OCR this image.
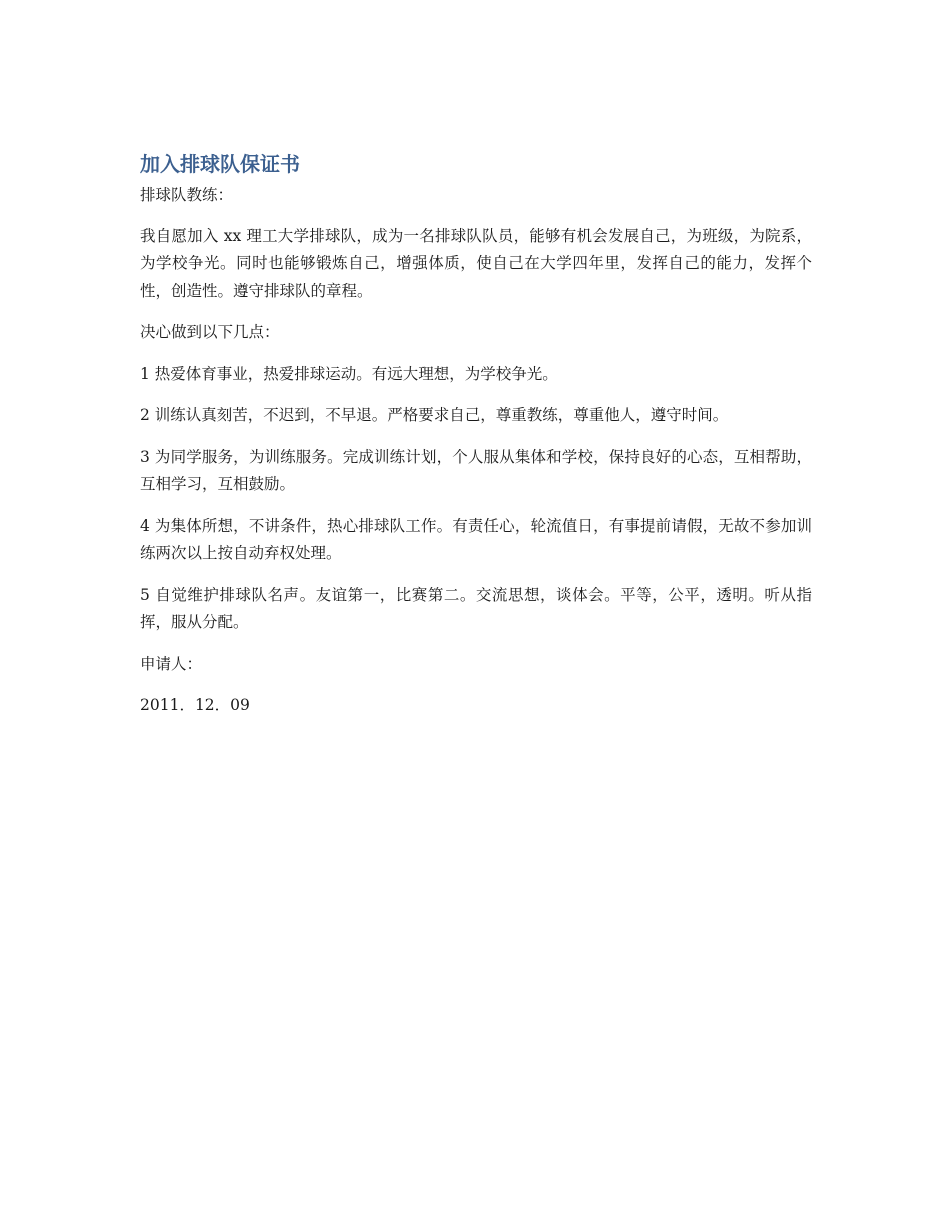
加入排球队保证书

排球队教练：

我自愿加入 xx 理工大学排球队，成为一名排球队队员，能够有机会发展自己，为班级，为院系，为学校争光。同时也能够锻炼自己，增强体质，使自己在大学四年里，发挥自己的能力，发挥个性，创造性。遵守排球队的章程。

决心做到以下几点：

1 热爱体育事业，热爱排球运动。有远大理想，为学校争光。

2 训练认真刻苦，不迟到，不早退。严格要求自己，尊重教练，尊重他人，遵守时间。

3 为同学服务，为训练服务。完成训练计划，个人服从集体和学校，保持良好的心态，互相帮助，互相学习，互相鼓励。

4 为集体所想，不讲条件，热心排球队工作。有责任心，轮流值日，有事提前请假，无故不参加训练两次以上按自动弃权处理。

5 自觉维护排球队名声。友谊第一，比赛第二。交流思想，谈体会。平等，公平，透明。听从指挥，服从分配。

申请人：

2011．12．09
